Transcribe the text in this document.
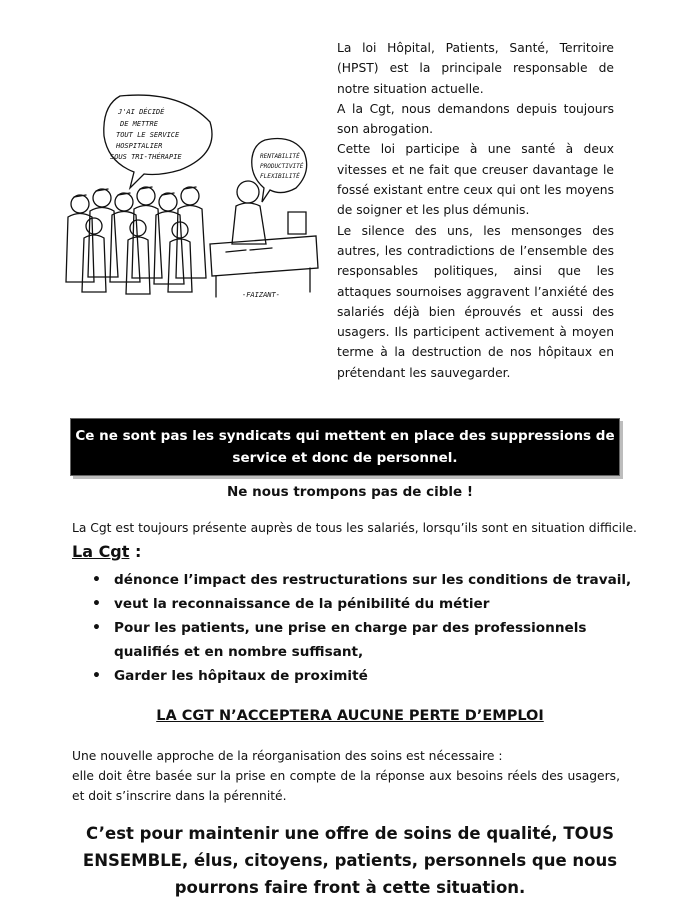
J'AI DÉCIDÉ
DE METTRE
TOUT LE SERVICE
HOSPITALIER
SOUS TRI-THÉRAPIE	RENTABILITÉ
PRODUCTIVITÉ
FLEXIBILITÉ
-FAIZANT-

La loi Hôpital, Patients, Santé, Territoire (HPST) est la principale responsable de notre situation actuelle.

A la Cgt, nous demandons depuis toujours son abrogation.

Cette loi participe à une santé à deux vitesses et ne fait que creuser davantage le fossé existant entre ceux qui ont les moyens de soigner et les plus démunis.

Le silence des uns, les mensonges des autres, les contradictions de l’ensemble des responsables politiques, ainsi que les attaques sournoises aggravent l’anxiété des salariés déjà bien éprouvés et aussi des usagers. Ils participent activement à moyen terme à la destruction de nos hôpitaux en prétendant les sauvegarder.

Ce ne sont pas les syndicats qui mettent en place des suppressions de
service et donc de personnel.
Ne nous trompons pas de cible !
La Cgt est toujours présente auprès de tous les salariés, lorsqu’ils sont en situation difficile.
La Cgt :
• dénonce l’impact des restructurations sur les conditions de travail,
• veut la reconnaissance de la pénibilité du métier
• Pour les patients, une prise en charge par des professionnels qualifiés et en nombre suffisant,
• Garder les hôpitaux de proximité
LA CGT N’ACCEPTERA AUCUNE PERTE D’EMPLOI

Une nouvelle approche de la réorganisation des soins est nécessaire :

elle doit être basée sur la prise en compte de la réponse aux besoins réels des usagers, et doit s’inscrire dans la pérennité.

C’est pour maintenir une offre de soins de qualité, TOUS ENSEMBLE, élus, citoyens, patients, personnels que nous pourrons faire front à cette situation.
